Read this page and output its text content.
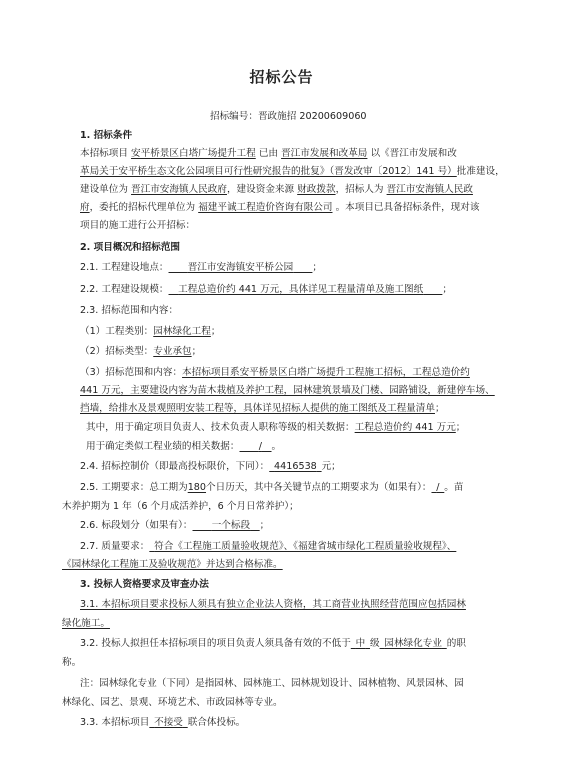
招标公告
招标编号：晋政施招 20200609060
1. 招标条件
本招标项目 安平桥景区白塔广场提升工程 已由 晋江市发展和改革局 以《晋江市发展和改
革局关于安平桥生态文化公园项目可行性研究报告的批复》（晋发改审〔2012〕141 号）批准建设，
建设单位为 晋江市安海镇人民政府，建设资金来源 财政拨款，招标人为 晋江市安海镇人民政
府，委托的招标代理单位为 福建平诚工程造价咨询有限公司 。本项目已具备招标条件，现对该
项目的施工进行公开招标：
2. 项目概况和招标范围
2.1. 工程建设地点：   晋江市安海镇安平桥公园   ；
2.2. 工程建设规模：  工程总造价约 441 万元，具体详见工程量清单及施工图纸   ；
2.3. 招标范围和内容：
（1）工程类别：园林绿化工程；
（2）招标类型：专业承包；
（3）招标范围和内容：本招标项目系安平桥景区白塔广场提升工程施工招标，工程总造价约
441 万元，主要建设内容为苗木栽植及养护工程，园林建筑景墙及门楼、园路铺设，新建停车场、
挡墙，给排水及景观照明安装工程等，具体详见招标人提供的施工图纸及工程量清单；
其中，用于确定项目负责人、技术负责人职称等级的相关数据：工程总造价约 441 万元；
用于确定类似工程业绩的相关数据：   /  。
2.4. 招标控制价（即最高投标限价，下同）：  4416538  元；
2.5. 工期要求：总工期为180个日历天，其中各关键节点的工期要求为（如果有）：  /  。苗
木养护期为 1 年（6 个月成活养护，6 个月日常养护）；
2.6. 标段划分（如果有）：   一个标段  ；
2.7. 质量要求：  符合《工程施工质量验收规范》、《福建省城市绿化工程质量验收规程》、
《园林绿化工程施工及验收规范》并达到合格标准。
3. 投标人资格要求及审查办法
3.1. 本招标项目要求投标人须具有独立企业法人资格，其工商营业执照经营范围应包括园林
绿化施工。
3.2. 投标人拟担任本招标项目的项目负责人须具备有效的不低于  中  级  园林绿化专业  的职
称。
注：园林绿化专业（下同）是指园林、园林施工、园林规划设计、园林植物、风景园林、园
林绿化、园艺、景观、环境艺术、市政园林等专业。
3.3. 本招标项目  不接受  联合体投标。
